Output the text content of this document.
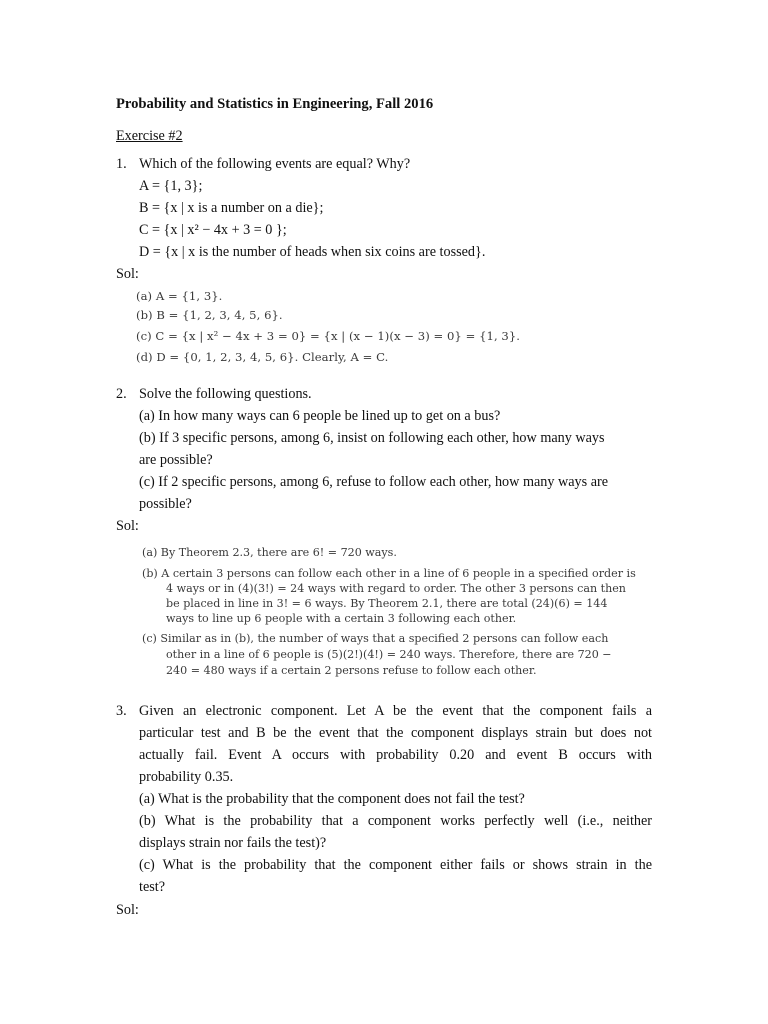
Probability and Statistics in Engineering, Fall 2016
Exercise #2
1. Which of the following events are equal? Why?
A = {1, 3};
B = {x | x is a number on a die};
C = {x | x² − 4x + 3 = 0 };
D = {x | x is the number of heads when six coins are tossed}.
Sol:
(a) A = {1, 3}.
(b) B = {1, 2, 3, 4, 5, 6}.
(c) C = {x | x² − 4x + 3 = 0} = {x | (x − 1)(x − 3) = 0} = {1, 3}.
(d) D = {0, 1, 2, 3, 4, 5, 6}. Clearly, A = C.
2. Solve the following questions.
(a) In how many ways can 6 people be lined up to get on a bus?
(b) If 3 specific persons, among 6, insist on following each other, how many ways
are possible?
(c) If 2 specific persons, among 6, refuse to follow each other, how many ways are
possible?
Sol:
(a) By Theorem 2.3, there are 6! = 720 ways.
(b) A certain 3 persons can follow each other in a line of 6 people in a specified order is
4 ways or in (4)(3!) = 24 ways with regard to order. The other 3 persons can then
be placed in line in 3! = 6 ways. By Theorem 2.1, there are total (24)(6) = 144
ways to line up 6 people with a certain 3 following each other.
(c) Similar as in (b), the number of ways that a specified 2 persons can follow each
other in a line of 6 people is (5)(2!)(4!) = 240 ways. Therefore, there are 720 −
240 = 480 ways if a certain 2 persons refuse to follow each other.
3. Given an electronic component. Let A be the event that the component fails a
particular test and B be the event that the component displays strain but does not
actually fail. Event A occurs with probability 0.20 and event B occurs with
probability 0.35.
(a) What is the probability that the component does not fail the test?
(b) What is the probability that a component works perfectly well (i.e., neither
displays strain nor fails the test)?
(c) What is the probability that the component either fails or shows strain in the
test?
Sol:
